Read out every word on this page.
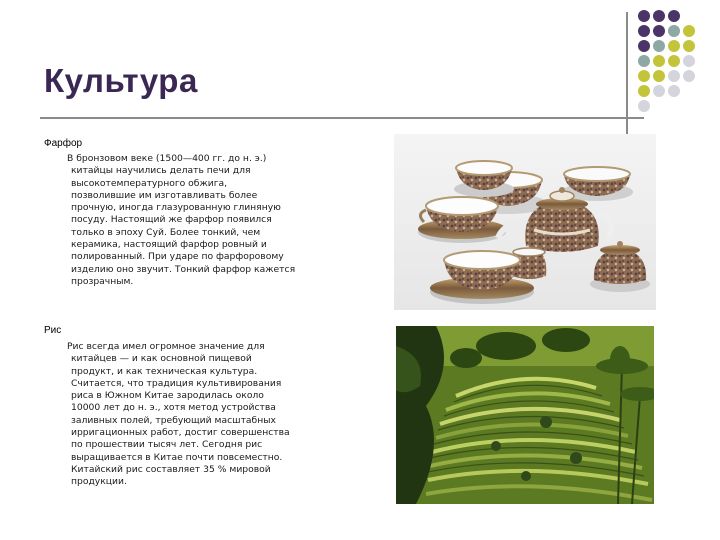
Культура
Фарфор

В бронзовом веке (1500—400 гг. до н. э.)
китайцы научились делать печи для
высокотемпературного обжига,
позволившие им изготавливать более
прочную, иногда глазурованную глиняную
посуду. Настоящий же фарфор появился
только в эпоху Суй. Более тонкий, чем
керамика, настоящий фарфор ровный и
полированный. При ударе по фарфоровому
изделию оно звучит. Тонкий фарфор кажется
прозрачным.

Рис

Рис всегда имел огромное значение для
китайцев — и как основной пищевой
продукт, и как техническая культура.
Считается, что традиция культивирования
риса в Южном Китае зародилась около
10000 лет до н. э., хотя метод устройства
заливных полей, требующий масштабных
ирригационных работ, достиг совершенства
по прошествии тысяч лет. Сегодня рис
выращивается в Китае почти повсеместно.
Китайский рис составляет 35 % мировой
продукции.
